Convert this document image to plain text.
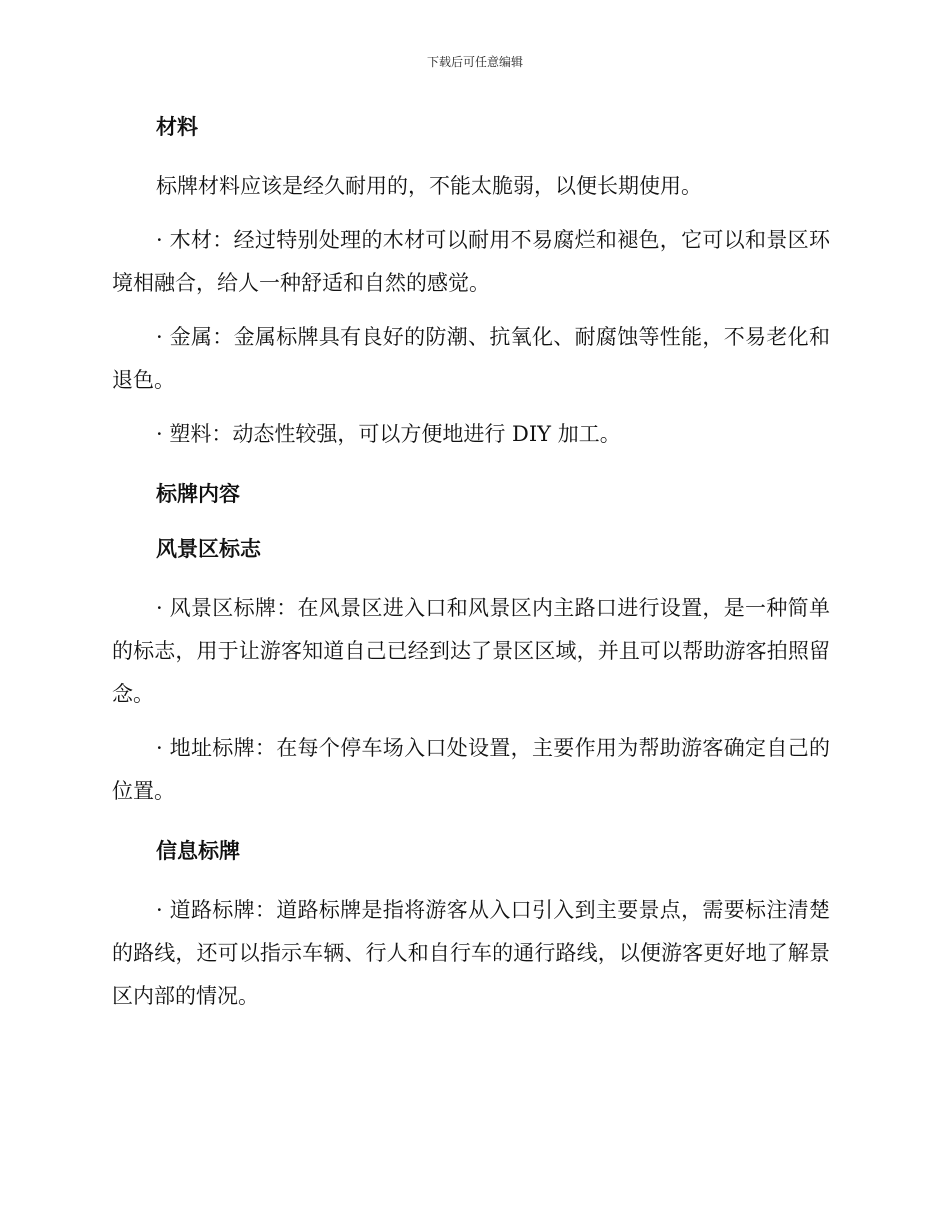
下载后可任意编辑
材料

标牌材料应该是经久耐用的，不能太脆弱，以便长期使用。

· 木材：经过特别处理的木材可以耐用不易腐烂和褪色，它可以和景区环境相融合，给人一种舒适和自然的感觉。

· 金属：金属标牌具有良好的防潮、抗氧化、耐腐蚀等性能，不易老化和退色。

· 塑料：动态性较强，可以方便地进行 DIY 加工。

标牌内容
风景区标志

· 风景区标牌：在风景区进入口和风景区内主路口进行设置，是一种简单的标志，用于让游客知道自己已经到达了景区区域，并且可以帮助游客拍照留念。

· 地址标牌：在每个停车场入口处设置，主要作用为帮助游客确定自己的位置。

信息标牌

· 道路标牌：道路标牌是指将游客从入口引入到主要景点，需要标注清楚的路线，还可以指示车辆、行人和自行车的通行路线，以便游客更好地了解景区内部的情况。
